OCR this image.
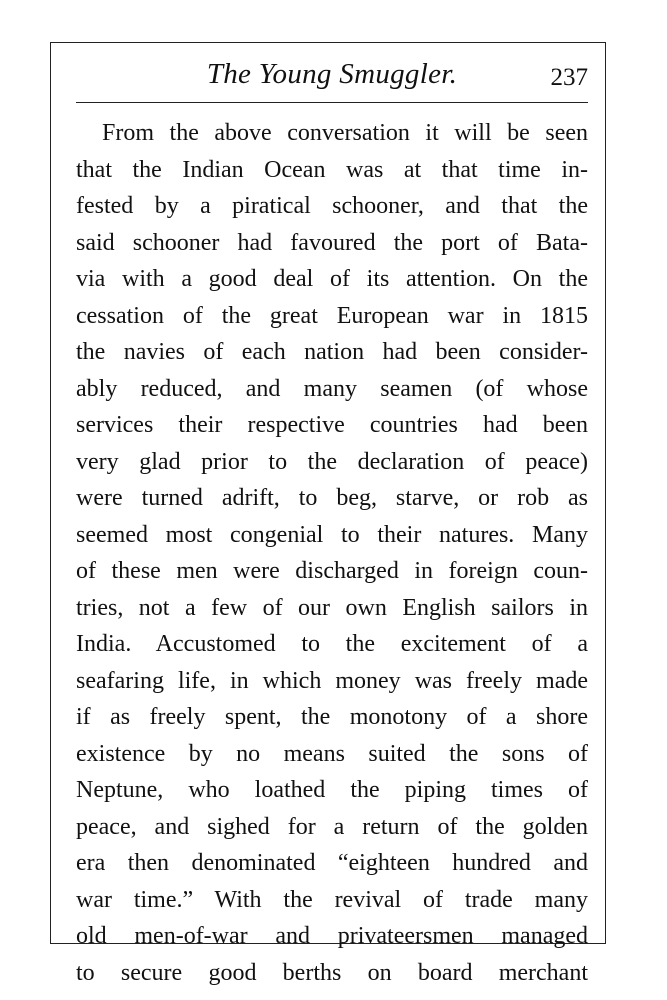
The Young Smuggler.	237
From the above conversation it will be seen
that the Indian Ocean was at that time in-
fested by a piratical schooner, and that the
said schooner had favoured the port of Bata-
via with a good deal of its attention. On the
cessation of the great European war in 1815
the navies of each nation had been consider-
ably reduced, and many seamen (of whose
services their respective countries had been
very glad prior to the declaration of peace)
were turned adrift, to beg, starve, or rob as
seemed most congenial to their natures. Many
of these men were discharged in foreign coun-
tries, not a few of our own English sailors in
India. Accustomed to the excitement of a
seafaring life, in which money was freely made
if as freely spent, the monotony of a shore
existence by no means suited the sons of
Neptune, who loathed the piping times of
peace, and sighed for a return of the golden
era then denominated “eighteen hundred and
war time.” With the revival of trade many
old men-of-war and privateersmen managed
to secure good berths on board merchant
